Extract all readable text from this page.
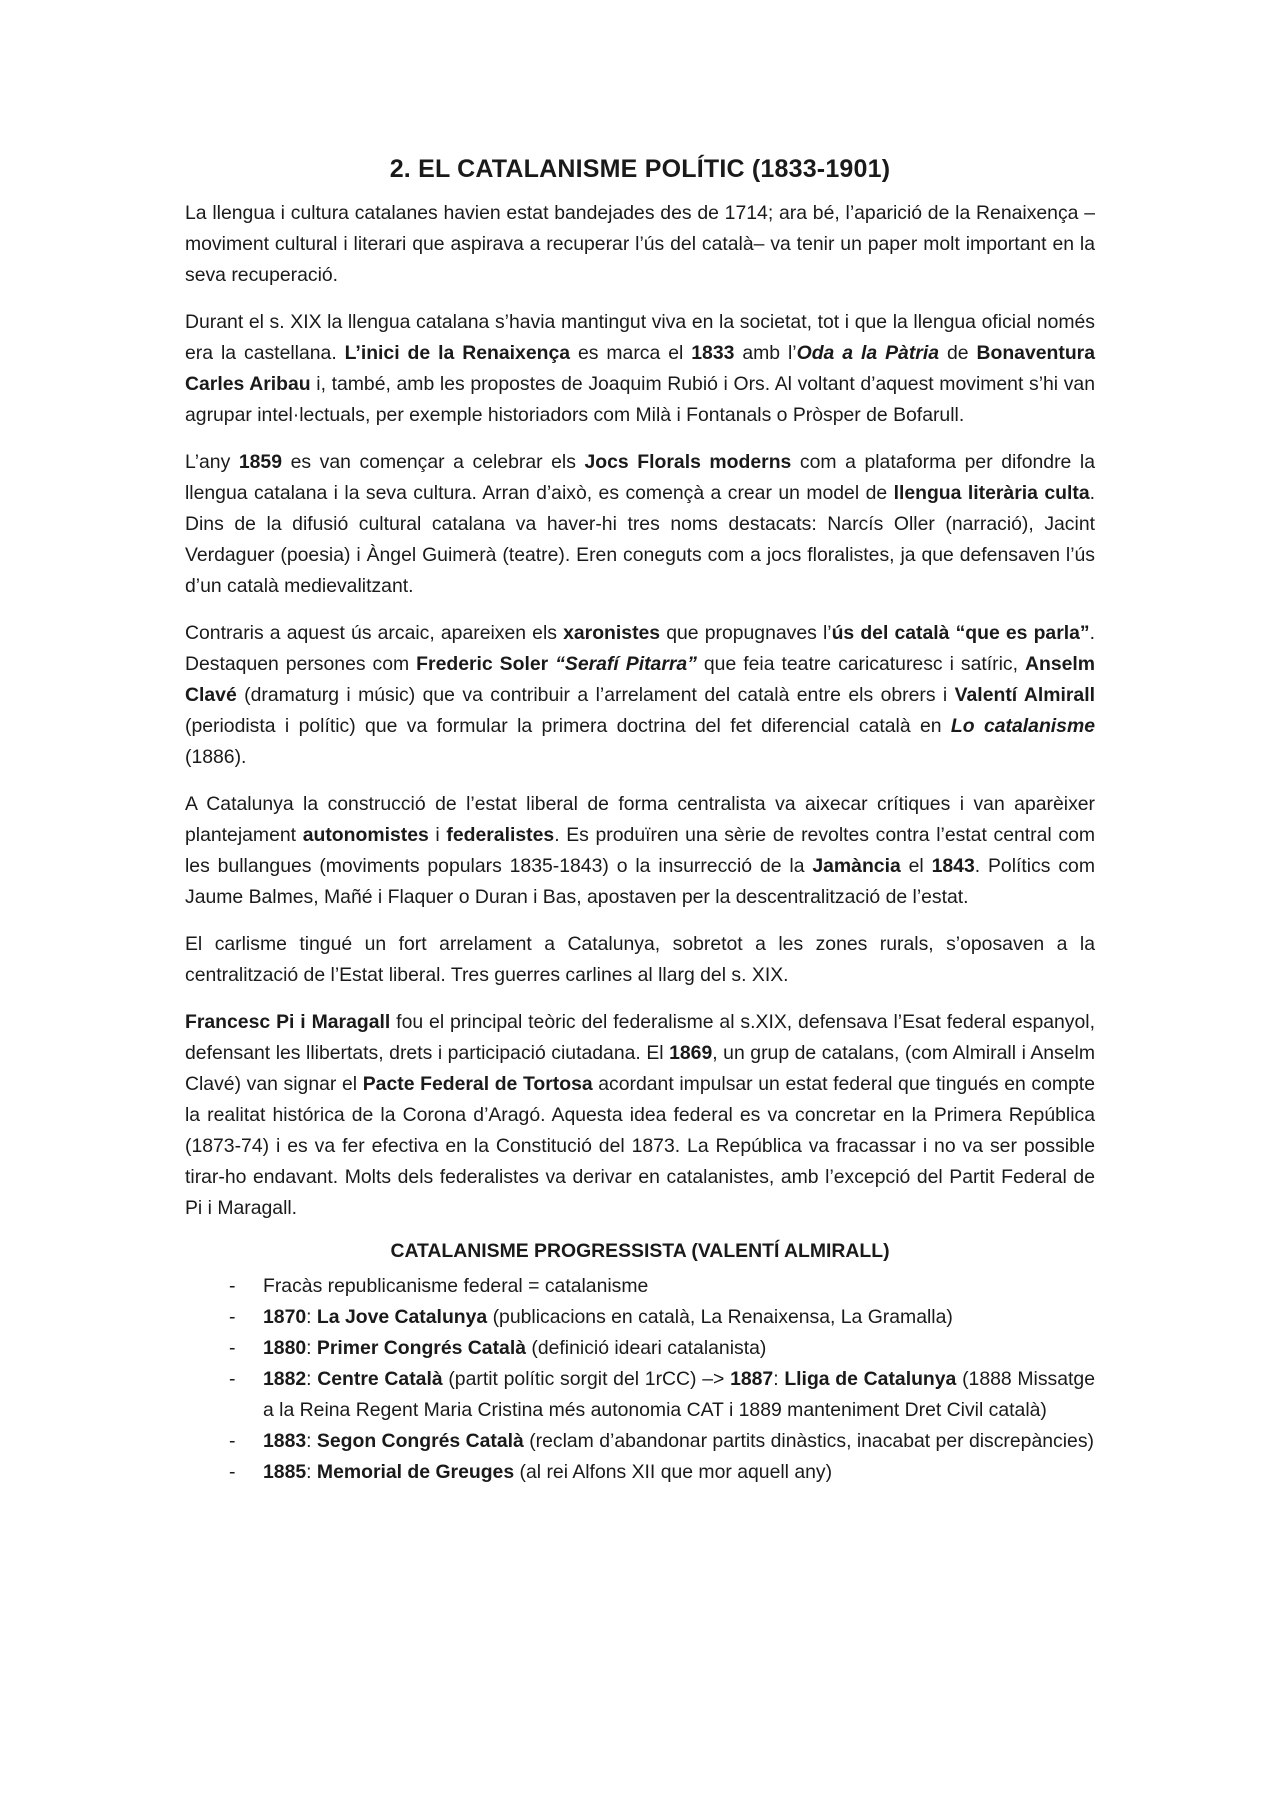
2. EL CATALANISME POLÍTIC (1833-1901)

La llengua i cultura catalanes havien estat bandejades des de 1714; ara bé, l’aparició de la Renaixença –moviment cultural i literari que aspirava a recuperar l’ús del català– va tenir un paper molt important en la seva recuperació.

Durant el s. XIX la llengua catalana s’havia mantingut viva en la societat, tot i que la llengua oficial només era la castellana. L’inici de la Renaixença es marca el 1833 amb l’Oda a la Pàtria de Bonaventura Carles Aribau i, també, amb les propostes de Joaquim Rubió i Ors. Al voltant d’aquest moviment s’hi van agrupar intel·lectuals, per exemple historiadors com Milà i Fontanals o Pròsper de Bofarull.

L’any 1859 es van començar a celebrar els Jocs Florals moderns com a plataforma per difondre la llengua catalana i la seva cultura. Arran d’això, es començà a crear un model de llengua literària culta. Dins de la difusió cultural catalana va haver-hi tres noms destacats: Narcís Oller (narració), Jacint Verdaguer (poesia) i Àngel Guimerà (teatre). Eren coneguts com a jocs floralistes, ja que defensaven l’ús d’un català medievalitzant.

Contraris a aquest ús arcaic, apareixen els xaronistes que propugnaves l’ús del català “que es parla”. Destaquen persones com Frederic Soler “Serafí Pitarra” que feia teatre caricaturesc i satíric, Anselm Clavé (dramaturg i músic) que va contribuir a l’arrelament del català entre els obrers i Valentí Almirall (periodista i polític) que va formular la primera doctrina del fet diferencial català en Lo catalanisme (1886).

A Catalunya la construcció de l’estat liberal de forma centralista va aixecar crítiques i van aparèixer plantejament autonomistes i federalistes. Es produïren una sèrie de revoltes contra l’estat central com les bullangues (moviments populars 1835-1843) o la insurrecció de la Jamància el 1843. Polítics com Jaume Balmes, Mañé i Flaquer o Duran i Bas, apostaven per la descentralització de l’estat.

El carlisme tingué un fort arrelament a Catalunya, sobretot a les zones rurals, s’oposaven a la centralització de l’Estat liberal. Tres guerres carlines al llarg del s. XIX.

Francesc Pi i Maragall fou el principal teòric del federalisme al s.XIX, defensava l’Esat federal espanyol, defensant les llibertats, drets i participació ciutadana. El 1869, un grup de catalans, (com Almirall i Anselm Clavé) van signar el Pacte Federal de Tortosa acordant impulsar un estat federal que tingués en compte la realitat histórica de la Corona d’Aragó. Aquesta idea federal es va concretar en la Primera República (1873-74) i es va fer efectiva en la Constitució del 1873. La República va fracassar i no va ser possible tirar-ho endavant. Molts dels federalistes va derivar en catalanistes, amb l’excepció del Partit Federal de Pi i Maragall.

CATALANISME PROGRESSISTA (VALENTÍ ALMIRALL)
- Fracàs republicanisme federal = catalanisme
- 1870: La Jove Catalunya (publicacions en català, La Renaixensa, La Gramalla)
- 1880: Primer Congrés Català (definició ideari catalanista)
- 1882: Centre Català (partit polític sorgit del 1rCC) –> 1887: Lliga de Catalunya (1888 Missatge a la Reina Regent Maria Cristina més autonomia CAT i 1889 manteniment Dret Civil català)
- 1883: Segon Congrés Català (reclam d’abandonar partits dinàstics, inacabat per discrepàncies)
- 1885: Memorial de Greuges (al rei Alfons XII que mor aquell any)
